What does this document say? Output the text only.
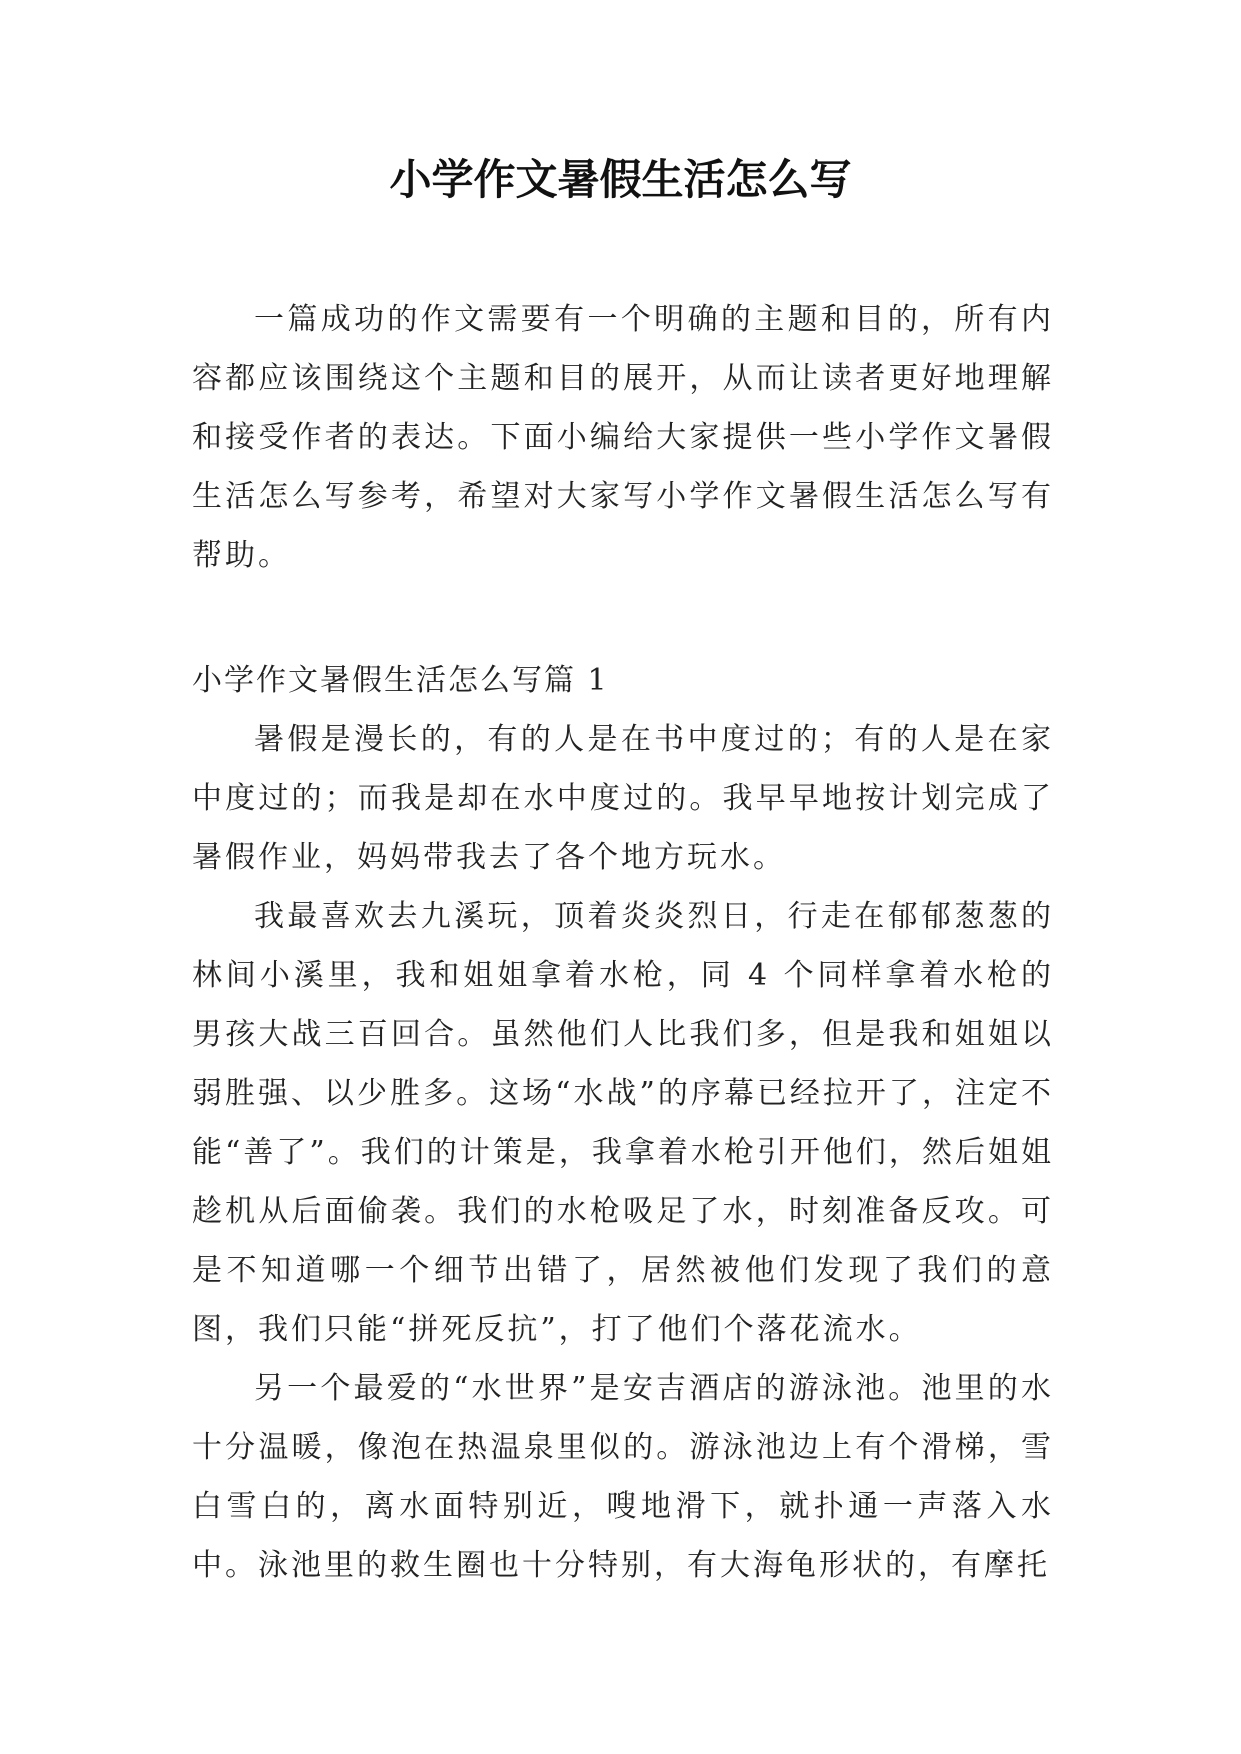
小学作文暑假生活怎么写

一篇成功的作文需要有一个明确的主题和目的，所有内容都应该围绕这个主题和目的展开，从而让读者更好地理解和接受作者的表达。下面小编给大家提供一些小学作文暑假生活怎么写参考，希望对大家写小学作文暑假生活怎么写有帮助。

小学作文暑假生活怎么写篇 1

暑假是漫长的，有的人是在书中度过的；有的人是在家中度过的；而我是却在水中度过的。我早早地按计划完成了暑假作业，妈妈带我去了各个地方玩水。

我最喜欢去九溪玩，顶着炎炎烈日，行走在郁郁葱葱的林间小溪里，我和姐姐拿着水枪，同 4 个同样拿着水枪的男孩大战三百回合。虽然他们人比我们多，但是我和姐姐以弱胜强、以少胜多。这场“水战”的序幕已经拉开了，注定不能“善了”。我们的计策是，我拿着水枪引开他们，然后姐姐趁机从后面偷袭。我们的水枪吸足了水，时刻准备反攻。可是不知道哪一个细节出错了，居然被他们发现了我们的意图，我们只能“拼死反抗”，打了他们个落花流水。

另一个最爱的“水世界”是安吉酒店的游泳池。池里的水十分温暖，像泡在热温泉里似的。游泳池边上有个滑梯，雪白雪白的，离水面特别近，嗖地滑下，就扑通一声落入水中。泳池里的救生圈也十分特别，有大海龟形状的，有摩托
